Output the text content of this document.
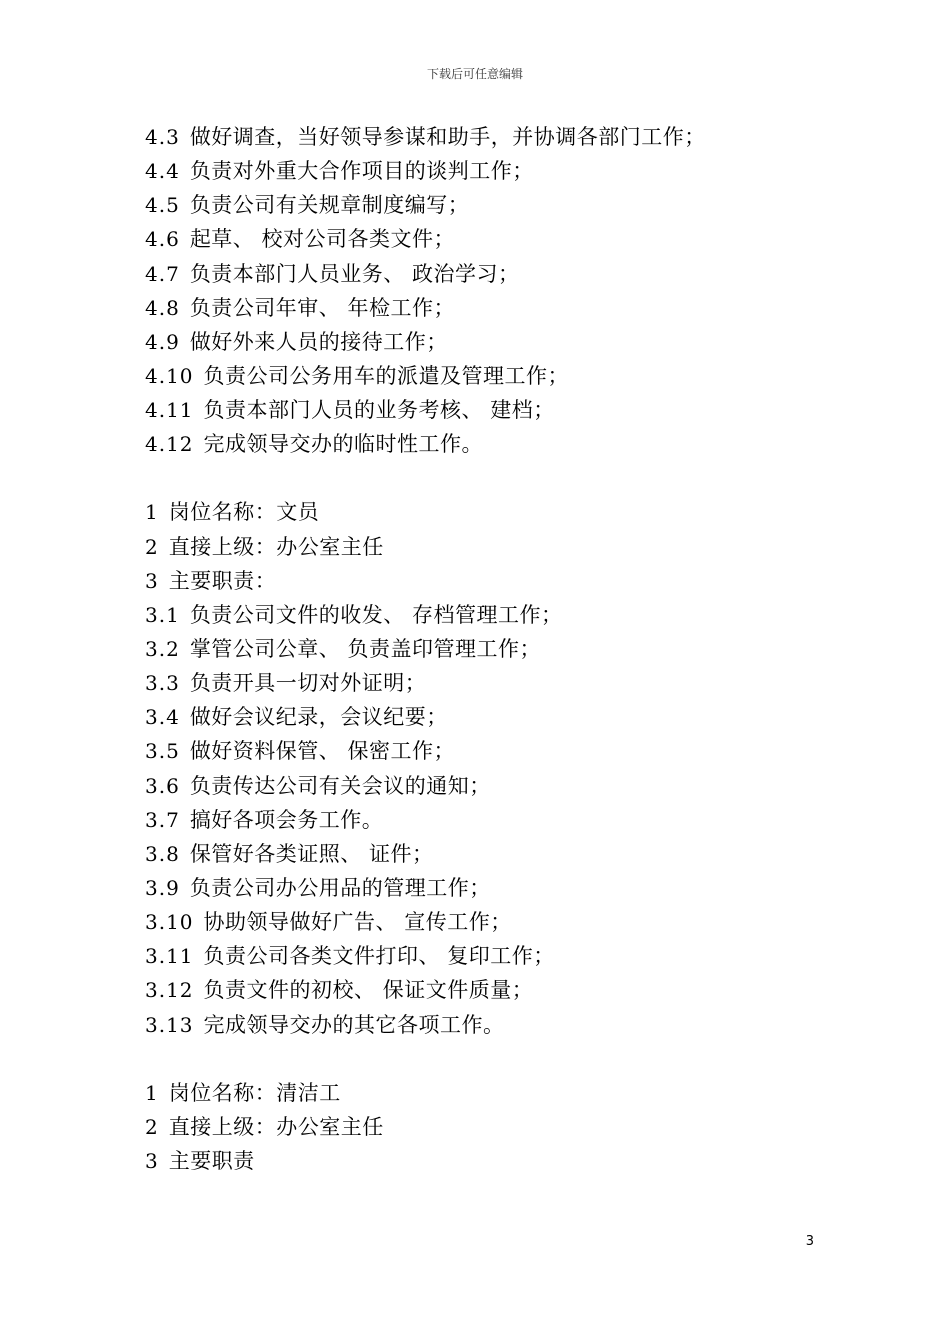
下载后可任意编辑
4.3 做好调查，当好领导参谋和助手，并协调各部门工作；
4.4 负责对外重大合作项目的谈判工作；
4.5 负责公司有关规章制度编写；
4.6 起草、 校对公司各类文件；
4.7 负责本部门人员业务、 政治学习；
4.8 负责公司年审、 年检工作；
4.9 做好外来人员的接待工作；
4.10 负责公司公务用车的派遣及管理工作；
4.11 负责本部门人员的业务考核、 建档；
4.12 完成领导交办的临时性工作。
1 岗位名称：文员
2 直接上级：办公室主任
3 主要职责：
3.1 负责公司文件的收发、 存档管理工作；
3.2 掌管公司公章、 负责盖印管理工作；
3.3 负责开具一切对外证明；
3.4 做好会议纪录，会议纪要；
3.5 做好资料保管、 保密工作；
3.6 负责传达公司有关会议的通知；
3.7 搞好各项会务工作。
3.8 保管好各类证照、 证件；
3.9 负责公司办公用品的管理工作；
3.10 协助领导做好广告、 宣传工作；
3.11 负责公司各类文件打印、 复印工作；
3.12 负责文件的初校、 保证文件质量；
3.13 完成领导交办的其它各项工作。
1 岗位名称：清洁工
2 直接上级：办公室主任
3 主要职责
3
